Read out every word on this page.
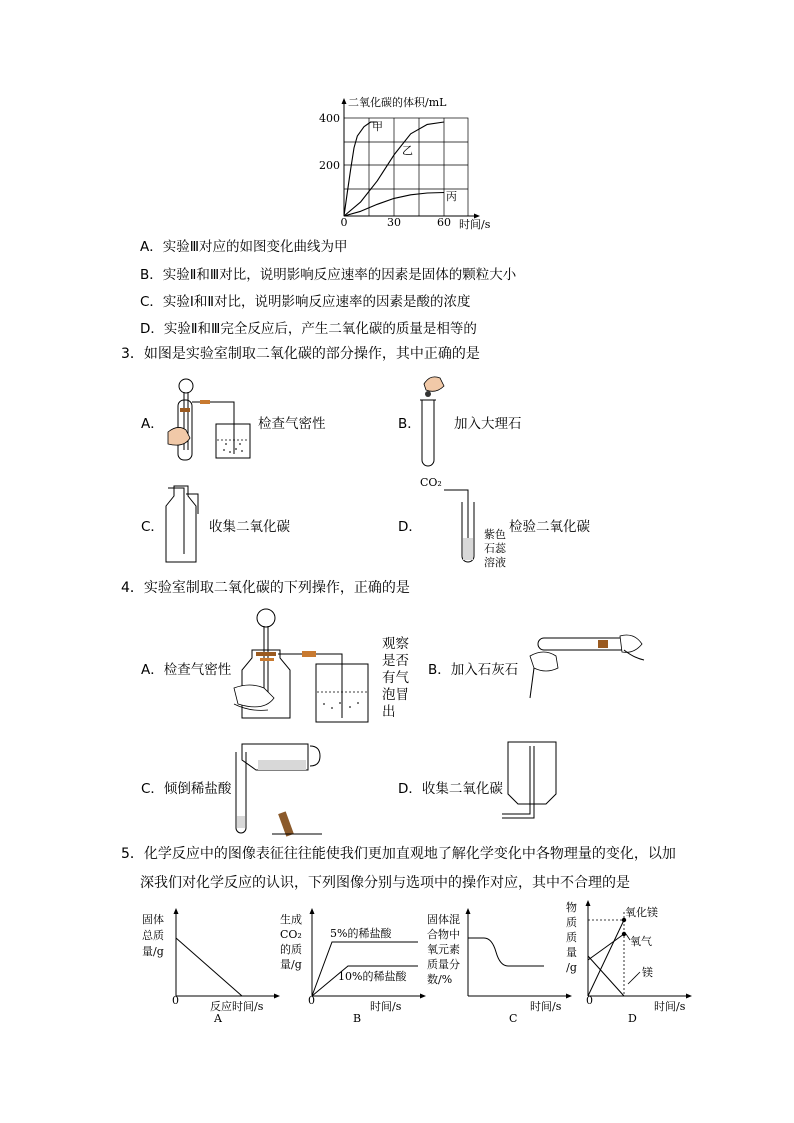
二氧化碳的体积/mL
400
200
0	30	60 时间/s
甲
乙
丙
A．实验Ⅲ对应的如图变化曲线为甲
B．实验Ⅱ和Ⅲ对比，说明影响反应速率的因素是固体的颗粒大小
C．实验Ⅰ和Ⅱ对比，说明影响反应速率的因素是酸的浓度
D．实验Ⅱ和Ⅲ完全反应后，产生二氧化碳的质量是相等的
3．如图是实验室制取二氧化碳的部分操作，其中正确的是
A．	检查气密性	B． 加入大理石
C．	收集二氧化碳	D．
CO₂
紫色
石蕊
溶液
检验二氧化碳
4．实验室制取二氧化碳的下列操作，正确的是
A．检查气密性
观察
是否
有气
泡冒
出
B．加入石灰石
C．倾倒稀盐酸	D．收集二氧化碳
5．化学反应中的图像表征往往能使我们更加直观地了解化学变化中各物理量的变化，以加
深我们对化学反应的认识，下列图像分别与选项中的操作对应，其中不合理的是
固体
总质
量/g
0	反应时间/s
A
生成
CO₂
的质
量/g
5%的稀盐酸
10%的稀盐酸
0	时间/s
B
固体混
合物中
氧元素
质量分
数/%
时间/s
C
物
质
质
量
/g
氧化镁
氧气
镁
0	时间/s
D
